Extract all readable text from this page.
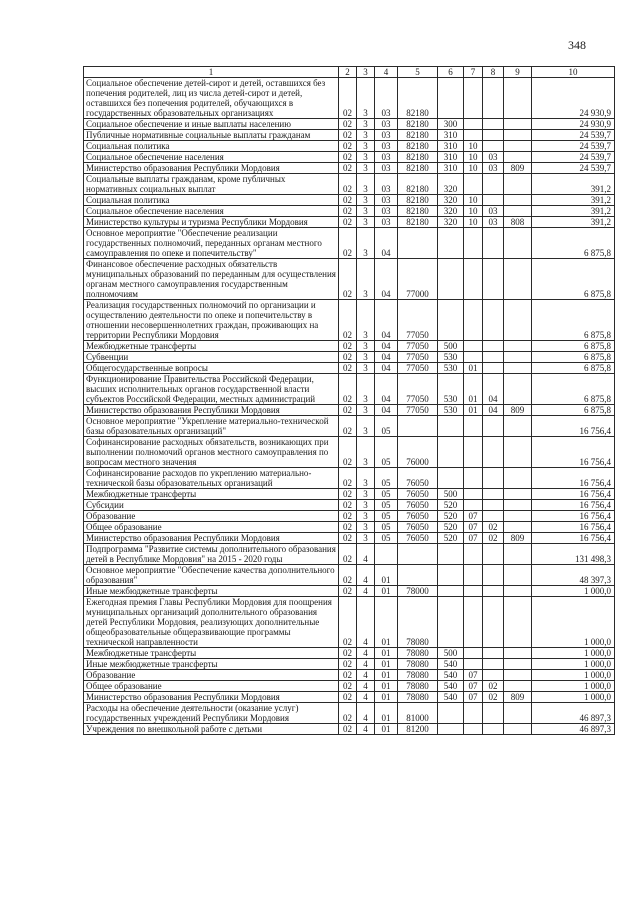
348
1	2	3	4	5	6	7	8	9	10
Социальное обеспечение детей-сирот и детей, оставшихся без попечения родителей, лиц из числа детей-сирот и детей, оставшихся без попечения родителей, обучающихся в государственных образовательных организациях	02	3	03	82180					24 930,9
Социальное обеспечение и иные выплаты населению	02	3	03	82180	300				24 930,9
Публичные нормативные социальные выплаты гражданам	02	3	03	82180	310				24 539,7
Социальная политика	02	3	03	82180	310	10			24 539,7
Социальное обеспечение населения	02	3	03	82180	310	10	03		24 539,7
Министерство образования Республики Мордовия	02	3	03	82180	310	10	03	809	24 539,7
Социальные выплаты гражданам, кроме публичных нормативных социальных выплат	02	3	03	82180	320				391,2
Социальная политика	02	3	03	82180	320	10			391,2
Социальное обеспечение населения	02	3	03	82180	320	10	03		391,2
Министерство культуры и туризма Республики Мордовия	02	3	03	82180	320	10	03	808	391,2
Основное мероприятие "Обеспечение реализации государственных полномочий, переданных органам местного самоуправления по опеке и попечительству"	02	3	04						6 875,8
Финансовое обеспечение расходных обязательств муниципальных образований по переданным для осуществления органам местного самоуправления государственным полномочиям	02	3	04	77000					6 875,8
Реализация государственных полномочий по организации и осуществлению деятельности по опеке и попечительству в отношении несовершеннолетних граждан, проживающих на территории Республики Мордовия	02	3	04	77050					6 875,8
Межбюджетные трансферты	02	3	04	77050	500				6 875,8
Субвенции	02	3	04	77050	530				6 875,8
Общегосударственные вопросы	02	3	04	77050	530	01			6 875,8
Функционирование Правительства Российской Федерации, высших исполнительных органов государственной власти субъектов Российской Федерации, местных администраций	02	3	04	77050	530	01	04		6 875,8
Министерство образования Республики Мордовия	02	3	04	77050	530	01	04	809	6 875,8
Основное мероприятие "Укрепление материально-технической базы образовательных организаций"	02	3	05						16 756,4
Софинансирование расходных обязательств, возникающих при выполнении полномочий органов местного самоуправления по вопросам местного значения	02	3	05	76000					16 756,4
Софинансирование расходов по укреплению материально-технической базы образовательных организаций	02	3	05	76050					16 756,4
Межбюджетные трансферты	02	3	05	76050	500				16 756,4
Субсидии	02	3	05	76050	520				16 756,4
Образование	02	3	05	76050	520	07			16 756,4
Общее образование	02	3	05	76050	520	07	02		16 756,4
Министерство образования Республики Мордовия	02	3	05	76050	520	07	02	809	16 756,4
Подпрограмма "Развитие системы дополнительного образования детей в Республике Мордовия" на 2015 - 2020 годы	02	4							131 498,3
Основное мероприятие "Обеспечение качества дополнительного образования"	02	4	01						48 397,3
Иные межбюджетные трансферты	02	4	01	78000					1 000,0
Ежегодная премия Главы Республики Мордовия для поощрения муниципальных организаций дополнительного образования детей Республики Мордовия, реализующих дополнительные общеобразовательные общеразвивающие программы технической направленности	02	4	01	78080					1 000,0
Межбюджетные трансферты	02	4	01	78080	500				1 000,0
Иные межбюджетные трансферты	02	4	01	78080	540				1 000,0
Образование	02	4	01	78080	540	07			1 000,0
Общее образование	02	4	01	78080	540	07	02		1 000,0
Министерство образования Республики Мордовия	02	4	01	78080	540	07	02	809	1 000,0
Расходы на обеспечение деятельности (оказание услуг) государственных учреждений Республики Мордовия	02	4	01	81000					46 897,3
Учреждения по внешкольной работе с детьми	02	4	01	81200					46 897,3
